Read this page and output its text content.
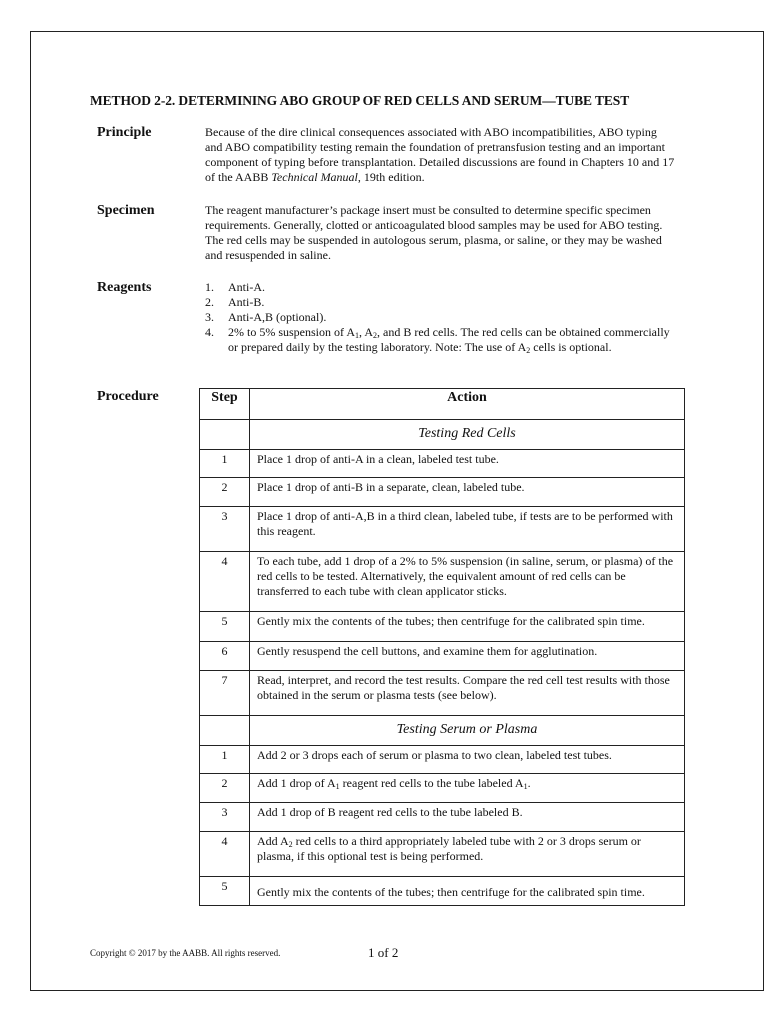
METHOD 2-2. DETERMINING ABO GROUP OF RED CELLS AND SERUM—TUBE TEST
Principle	Because of the dire clinical consequences associated with ABO incompatibilities, ABO typing and ABO compatibility testing remain the foundation of pretransfusion testing and an important component of typing before transplantation. Detailed discussions are found in Chapters 10 and 17 of the AABB Technical Manual, 19th edition.

Specimen	The reagent manufacturer’s package insert must be consulted to determine specific specimen requirements. Generally, clotted or anticoagulated blood samples may be used for ABO testing. The red cells may be suspended in autologous serum, plasma, or saline, or they may be washed and resuspended in saline.
Reagents	1. Anti-A.
2. Anti-B.
3. Anti-A,B (optional).
4. 2% to 5% suspension of $A_1$, $A_2$, and B red cells. The red cells can be obtained commercially or prepared daily by the testing laboratory. Note: The use of $A_2$ cells is optional.
Procedure	Step	Action
	Testing Red Cells
1	Place 1 drop of anti-A in a clean, labeled test tube.
2	Place 1 drop of anti-B in a separate, clean, labeled tube.
3	Place 1 drop of anti-A,B in a third clean, labeled tube, if tests are to be performed with this reagent.
4	To each tube, add 1 drop of a 2% to 5% suspension (in saline, serum, or plasma) of the red cells to be tested. Alternatively, the equivalent amount of red cells can be transferred to each tube with clean applicator sticks.
5	Gently mix the contents of the tubes; then centrifuge for the calibrated spin time.
6	Gently resuspend the cell buttons, and examine them for agglutination.
7	Read, interpret, and record the test results. Compare the red cell test results with those obtained in the serum or plasma tests (see below).
	Testing Serum or Plasma
1	Add 2 or 3 drops each of serum or plasma to two clean, labeled test tubes.
2	Add 1 drop of $A_1$ reagent red cells to the tube labeled $A_1$.
3	Add 1 drop of B reagent red cells to the tube labeled B.
4	Add $A_2$ red cells to a third appropriately labeled tube with 2 or 3 drops serum or plasma, if this optional test is being performed.
5	Gently mix the contents of the tubes; then centrifuge for the calibrated spin time.
Copyright © 2017 by the AABB. All rights reserved.	1 of 2
